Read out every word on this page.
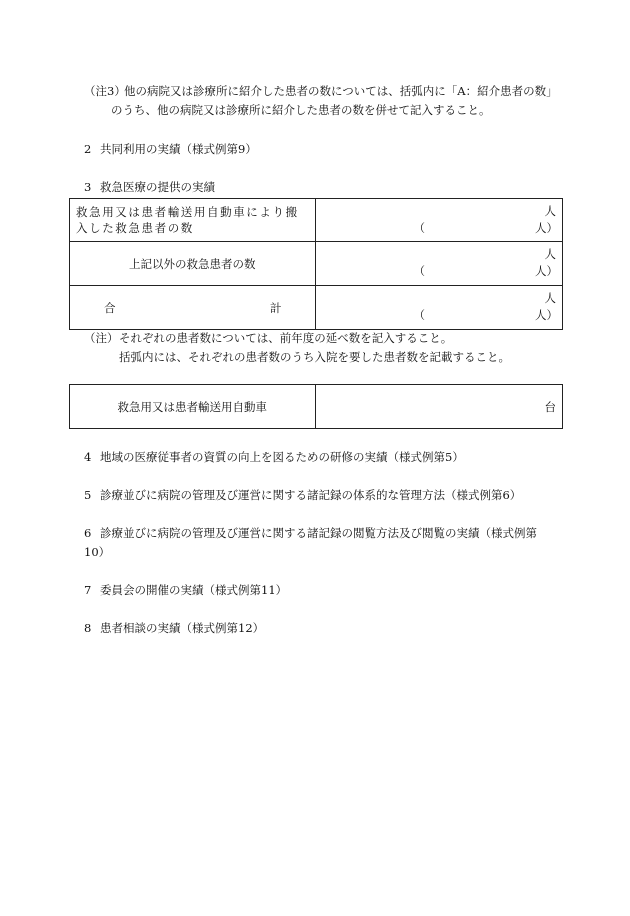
（注3）
他の病院又は診療所に紹介した患者の数については、括弧内に「A：紹介患者の数」
のうち、他の病院又は診療所に紹介した患者の数を併せて記入すること。
2 共同利用の実績（様式例第9）
3 救急医療の提供の実績
救急用又は患者輸送用自動車により搬
入した救急患者の数	人
（ 人）

上記以外の救急患者の数	人
（ 人）

合 計	人
（ 人）
（注） それぞれの患者数については、前年度の延べ数を記入すること。
括弧内には、それぞれの患者数のうち入院を要した患者数を記載すること。
救急用又は患者輸送用自動車	台
4 地域の医療従事者の資質の向上を図るための研修の実績（様式例第5）
5 診療並びに病院の管理及び運営に関する諸記録の体系的な管理方法（様式例第6）
6 診療並びに病院の管理及び運営に関する諸記録の閲覧方法及び閲覧の実績（様式例第
10）
7 委員会の開催の実績（様式例第11）
8 患者相談の実績（様式例第12）
